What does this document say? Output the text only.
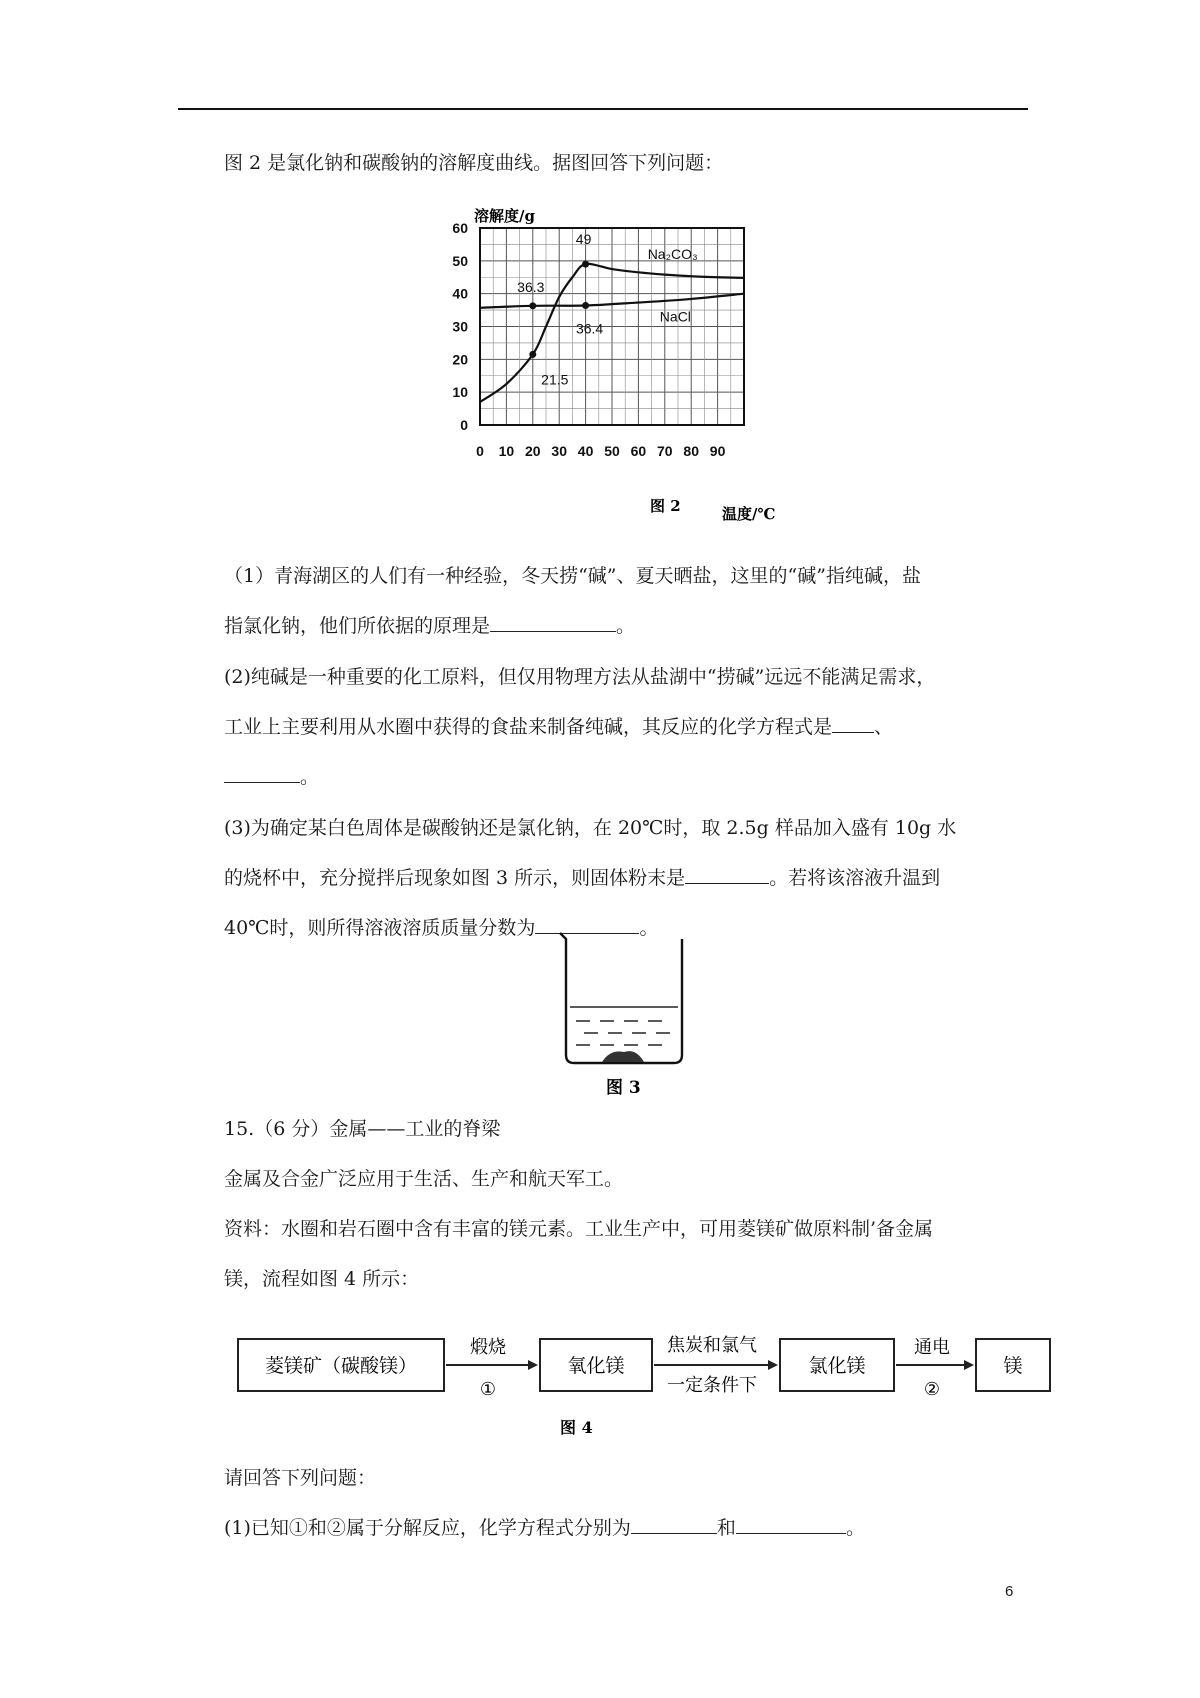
图 2 是氯化钠和碳酸钠的溶解度曲线。据图回答下列问题：
Na₂CO₃
NaCl
36.3
21.5
49
36.4
0 10 20 30 40 50 60 70 80 90
0
10
20
30
40
50
60
溶解度/g
温度/℃
图 2
（1）青海湖区的人们有一种经验，冬天捞“碱”、夏天晒盐，这里的“碱”指纯碱，盐
指氯化钠，他们所依据的原理是	。
(2)纯碱是一种重要的化工原料，但仅用物理方法从盐湖中“捞碱”远远不能满足需求，
工业上主要利用从水圈中获得的食盐来制备纯碱，其反应的化学方程式是 、
。
(3)为确定某白色周体是碳酸钠还是氯化钠，在 20℃时，取 2.5g 样品加入盛有 10g 水
的烧杯中，充分搅拌后现象如图 3 所示，则固体粉末是	。若将该溶液升温到
40℃时，则所得溶液溶质质量分数为	。
图 3
15.（6 分）金属——工业的脊梁
金属及合金广泛应用于生活、生产和航天军工。
资料：水圈和岩石圈中含有丰富的镁元素。工业生产中，可用菱镁矿做原料制’备金属
镁，流程如图 4 所示：
菱镁矿（碳酸镁）
煅烧
①
氧化镁
焦炭和氯气
一定条件下
氯化镁
通电
②
镁
图 4
请回答下列问题：
(1)已知①和②属于分解反应，化学方程式分别为	和	。
6
